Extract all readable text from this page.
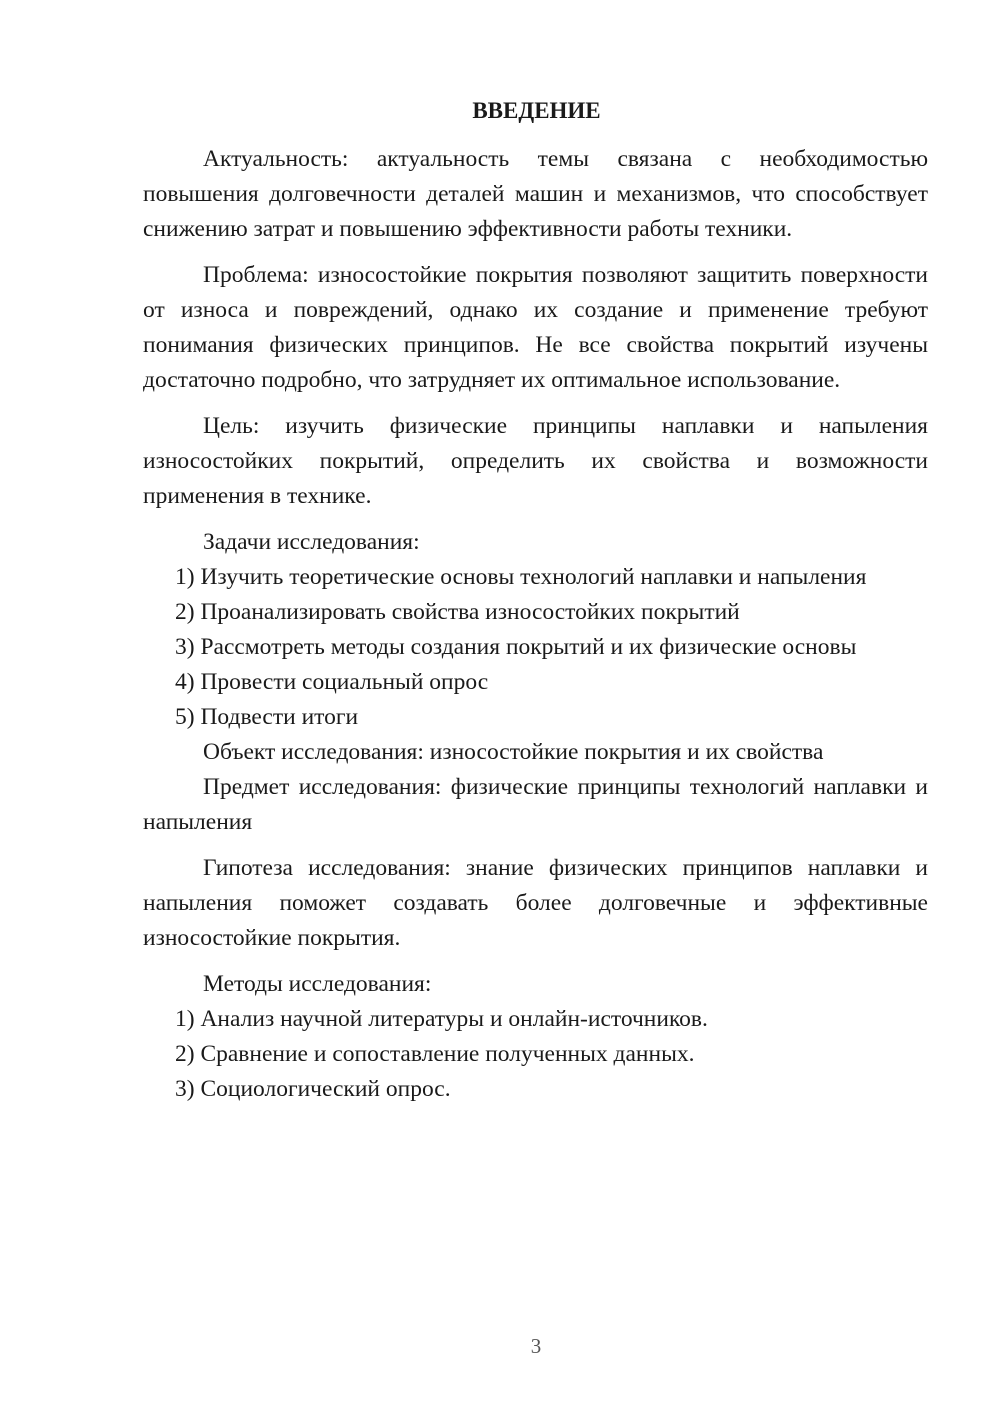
ВВЕДЕНИЕ

Актуальность: актуальность темы связана с необходимостью повышения долговечности деталей машин и механизмов, что способствует снижению затрат и повышению эффективности работы техники.

Проблема: износостойкие покрытия позволяют защитить поверхности от износа и повреждений, однако их создание и применение требуют понимания физических принципов. Не все свойства покрытий изучены достаточно подробно, что затрудняет их оптимальное использование.

Цель: изучить физические принципы наплавки и напыления износостойких покрытий, определить их свойства и возможности применения в технике.

Задачи исследования:

1) Изучить теоретические основы технологий наплавки и напыления

2) Проанализировать свойства износостойких покрытий

3) Рассмотреть методы создания покрытий и их физические основы

4) Провести социальный опрос

5) Подвести итоги

Объект исследования: износостойкие покрытия и их свойства

Предмет исследования: физические принципы технологий наплавки и напыления

Гипотеза исследования: знание физических принципов наплавки и напыления поможет создавать более долговечные и эффективные износостойкие покрытия.

Методы исследования:

1) Анализ научной литературы и онлайн-источников.

2) Сравнение и сопоставление полученных данных.

3) Социологический опрос.

3
